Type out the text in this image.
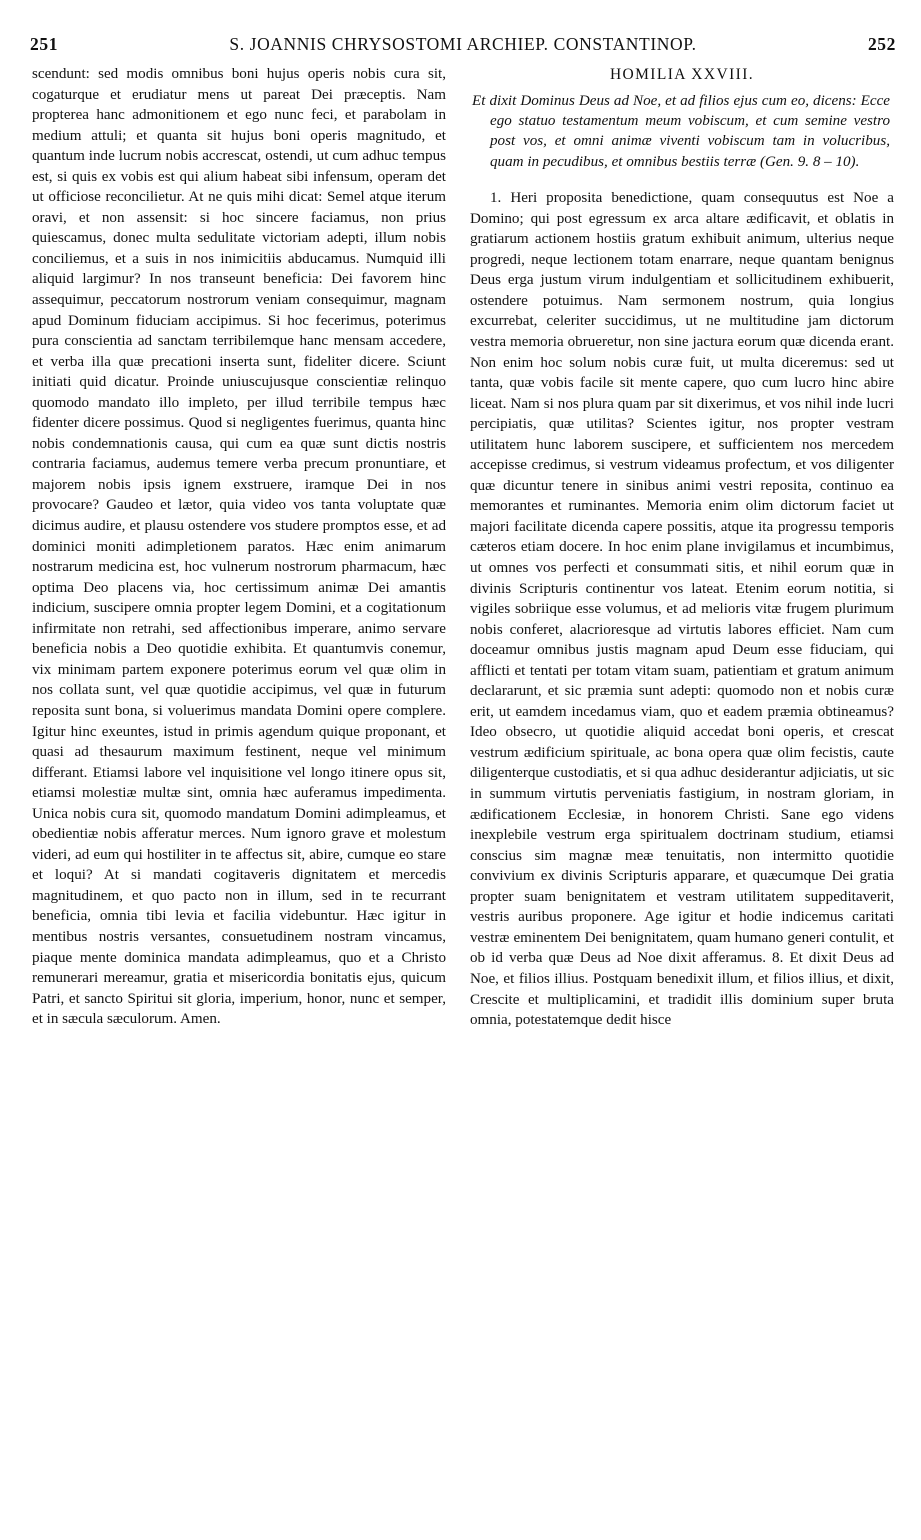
251	S. JOANNIS CHRYSOSTOMI ARCHIEP. CONSTANTINOP.	252

scendunt: sed modis omnibus boni hujus operis nobis cura sit, cogaturque et erudiatur mens ut pareat Dei præceptis. Nam propterea hanc admonitionem et ego nunc feci, et parabolam in medium attuli; et quanta sit hujus boni operis magnitudo, et quantum inde lucrum nobis accrescat, ostendi, ut cum adhuc tempus est, si quis ex vobis est qui alium habeat sibi infensum, operam det ut officiose reconcilietur. At ne quis mihi dicat: Semel atque iterum oravi, et non assensit: si hoc sincere faciamus, non prius quiescamus, donec multa sedulitate victoriam adepti, illum nobis conciliemus, et a suis in nos inimicitiis abducamus. Numquid illi aliquid largimur? In nos transeunt beneficia: Dei favorem hinc assequimur, peccatorum nostrorum veniam consequimur, magnam apud Dominum fiduciam accipimus. Si hoc fecerimus, poterimus pura conscientia ad sanctam terribilemque hanc mensam accedere, et verba illa quæ precationi inserta sunt, fideliter dicere. Sciunt initiati quid dicatur. Proinde uniuscujusque conscientiæ relinquo quomodo mandato illo impleto, per illud terribile tempus hæc fidenter dicere possimus. Quod si negligentes fuerimus, quanta hinc nobis condemnationis causa, qui cum ea quæ sunt dictis nostris contraria faciamus, audemus temere verba precum pronuntiare, et majorem nobis ipsis ignem exstruere, iramque Dei in nos provocare? Gaudeo et lætor, quia video vos tanta voluptate quæ dicimus audire, et plausu ostendere vos studere promptos esse, et ad dominici moniti adimpletionem paratos. Hæc enim animarum nostrarum medicina est, hoc vulnerum nostrorum pharmacum, hæc optima Deo placens via, hoc certissimum animæ Dei amantis indicium, suscipere omnia propter legem Domini, et a cogitationum infirmitate non retrahi, sed affectionibus imperare, animo servare beneficia nobis a Deo quotidie exhibita. Et quantumvis conemur, vix minimam partem exponere poterimus eorum vel quæ olim in nos collata sunt, vel quæ quotidie accipimus, vel quæ in futurum reposita sunt bona, si voluerimus mandata Domini opere complere. Igitur hinc exeuntes, istud in primis agendum quique proponant, et quasi ad thesaurum maximum festinent, neque vel minimum differant. Etiamsi labore vel inquisitione vel longo itinere opus sit, etiamsi molestiæ multæ sint, omnia hæc auferamus impedimenta. Unica nobis cura sit, quomodo mandatum Domini adimpleamus, et obedientiæ nobis afferatur merces. Num ignoro grave et molestum videri, ad eum qui hostiliter in te affectus sit, abire, cumque eo stare et loqui? At si mandati cogitaveris dignitatem et mercedis magnitudinem, et quo pacto non in illum, sed in te recurrant beneficia, omnia tibi levia et facilia videbuntur. Hæc igitur in mentibus nostris versantes, consuetudinem nostram vincamus, piaque mente dominica mandata adimpleamus, quo et a Christo remunerari mereamur, gratia et misericordia bonitatis ejus, quicum Patri, et sancto Spiritui sit gloria, imperium, honor, nunc et semper, et in sæcula sæculorum. Amen.

HOMILIA XXVIII.

Et dixit Dominus Deus ad Noe, et ad filios ejus cum eo, dicens: Ecce ego statuo testamentum meum vobiscum, et cum semine vestro post vos, et omni animæ viventi vobiscum tam in volucribus, quam in pecudibus, et omnibus bestiis terræ (Gen. 9. 8 – 10).

1. Heri proposita benedictione, quam consequutus est Noe a Domino; qui post egressum ex arca altare ædificavit, et oblatis in gratiarum actionem hostiis gratum exhibuit animum, ulterius neque progredi, neque lectionem totam enarrare, neque quantam benignus Deus erga justum virum indulgentiam et sollicitudinem exhibuerit, ostendere potuimus. Nam sermonem nostrum, quia longius excurrebat, celeriter succidimus, ut ne multitudine jam dictorum vestra memoria obrueretur, non sine jactura eorum quæ dicenda erant. Non enim hoc solum nobis curæ fuit, ut multa diceremus: sed ut tanta, quæ vobis facile sit mente capere, quo cum lucro hinc abire liceat. Nam si nos plura quam par sit dixerimus, et vos nihil inde lucri percipiatis, quæ utilitas? Scientes igitur, nos propter vestram utilitatem hunc laborem suscipere, et sufficientem nos mercedem accepisse credimus, si vestrum videamus profectum, et vos diligenter quæ dicuntur tenere in sinibus animi vestri reposita, continuo ea memorantes et ruminantes. Memoria enim olim dictorum faciet ut majori facilitate dicenda capere possitis, atque ita progressu temporis cæteros etiam docere. In hoc enim plane invigilamus et incumbimus, ut omnes vos perfecti et consummati sitis, et nihil eorum quæ in divinis Scripturis continentur vos lateat. Etenim eorum notitia, si vigiles sobriique esse volumus, et ad melioris vitæ frugem plurimum nobis conferet, alacrioresque ad virtutis labores efficiet. Nam cum doceamur omnibus justis magnam apud Deum esse fiduciam, qui afflicti et tentati per totam vitam suam, patientiam et gratum animum declararunt, et sic præmia sunt adepti: quomodo non et nobis curæ erit, ut eamdem incedamus viam, quo et eadem præmia obtineamus? Ideo obsecro, ut quotidie aliquid accedat boni operis, et crescat vestrum ædificium spirituale, ac bona opera quæ olim fecistis, caute diligenterque custodiatis, et si qua adhuc desiderantur adjiciatis, ut sic in summum virtutis perveniatis fastigium, in nostram gloriam, in ædificationem Ecclesiæ, in honorem Christi. Sane ego videns inexplebile vestrum erga spiritualem doctrinam studium, etiamsi conscius sim magnæ meæ tenuitatis, non intermitto quotidie convivium ex divinis Scripturis apparare, et quæcumque Dei gratia propter suam benignitatem et vestram utilitatem suppeditaverit, vestris auribus proponere. Age igitur et hodie indicemus caritati vestræ eminentem Dei benignitatem, quam humano generi contulit, et ob id verba quæ Deus ad Noe dixit afferamus. 8. Et dixit Deus ad Noe, et filios illius. Postquam benedixit illum, et filios illius, et dixit, Crescite et multiplicamini, et tradidit illis dominium super bruta omnia, potestatemque dedit hisce
